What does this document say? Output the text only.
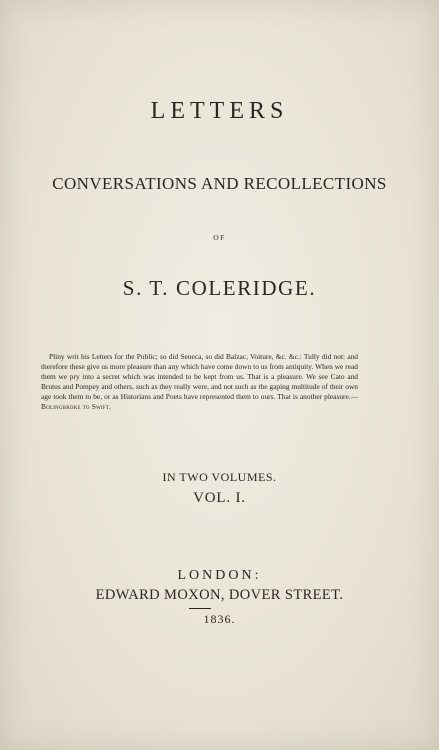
LETTERS
CONVERSATIONS AND RECOLLECTIONS
OF
S. T. COLERIDGE.

Pliny writ his Letters for the Public; so did Seneca, so did Balzac, Voiture, &c. &c.: Tully did not: and therefore these give us more pleasure than any which have come down to us from antiquity. When we read them we pry into a secret which was intended to be kept from us. That is a pleasure. We see Cato and Brutus and Pompey and others, such as they really were, and not such as the gaping multitude of their own age took them to be, or as Historians and Poets have represented them to ours. That is another pleasure.—Bolingbroke to Swift.

IN TWO VOLUMES.
VOL. I.
LONDON:
EDWARD MOXON, DOVER STREET.
1836.
